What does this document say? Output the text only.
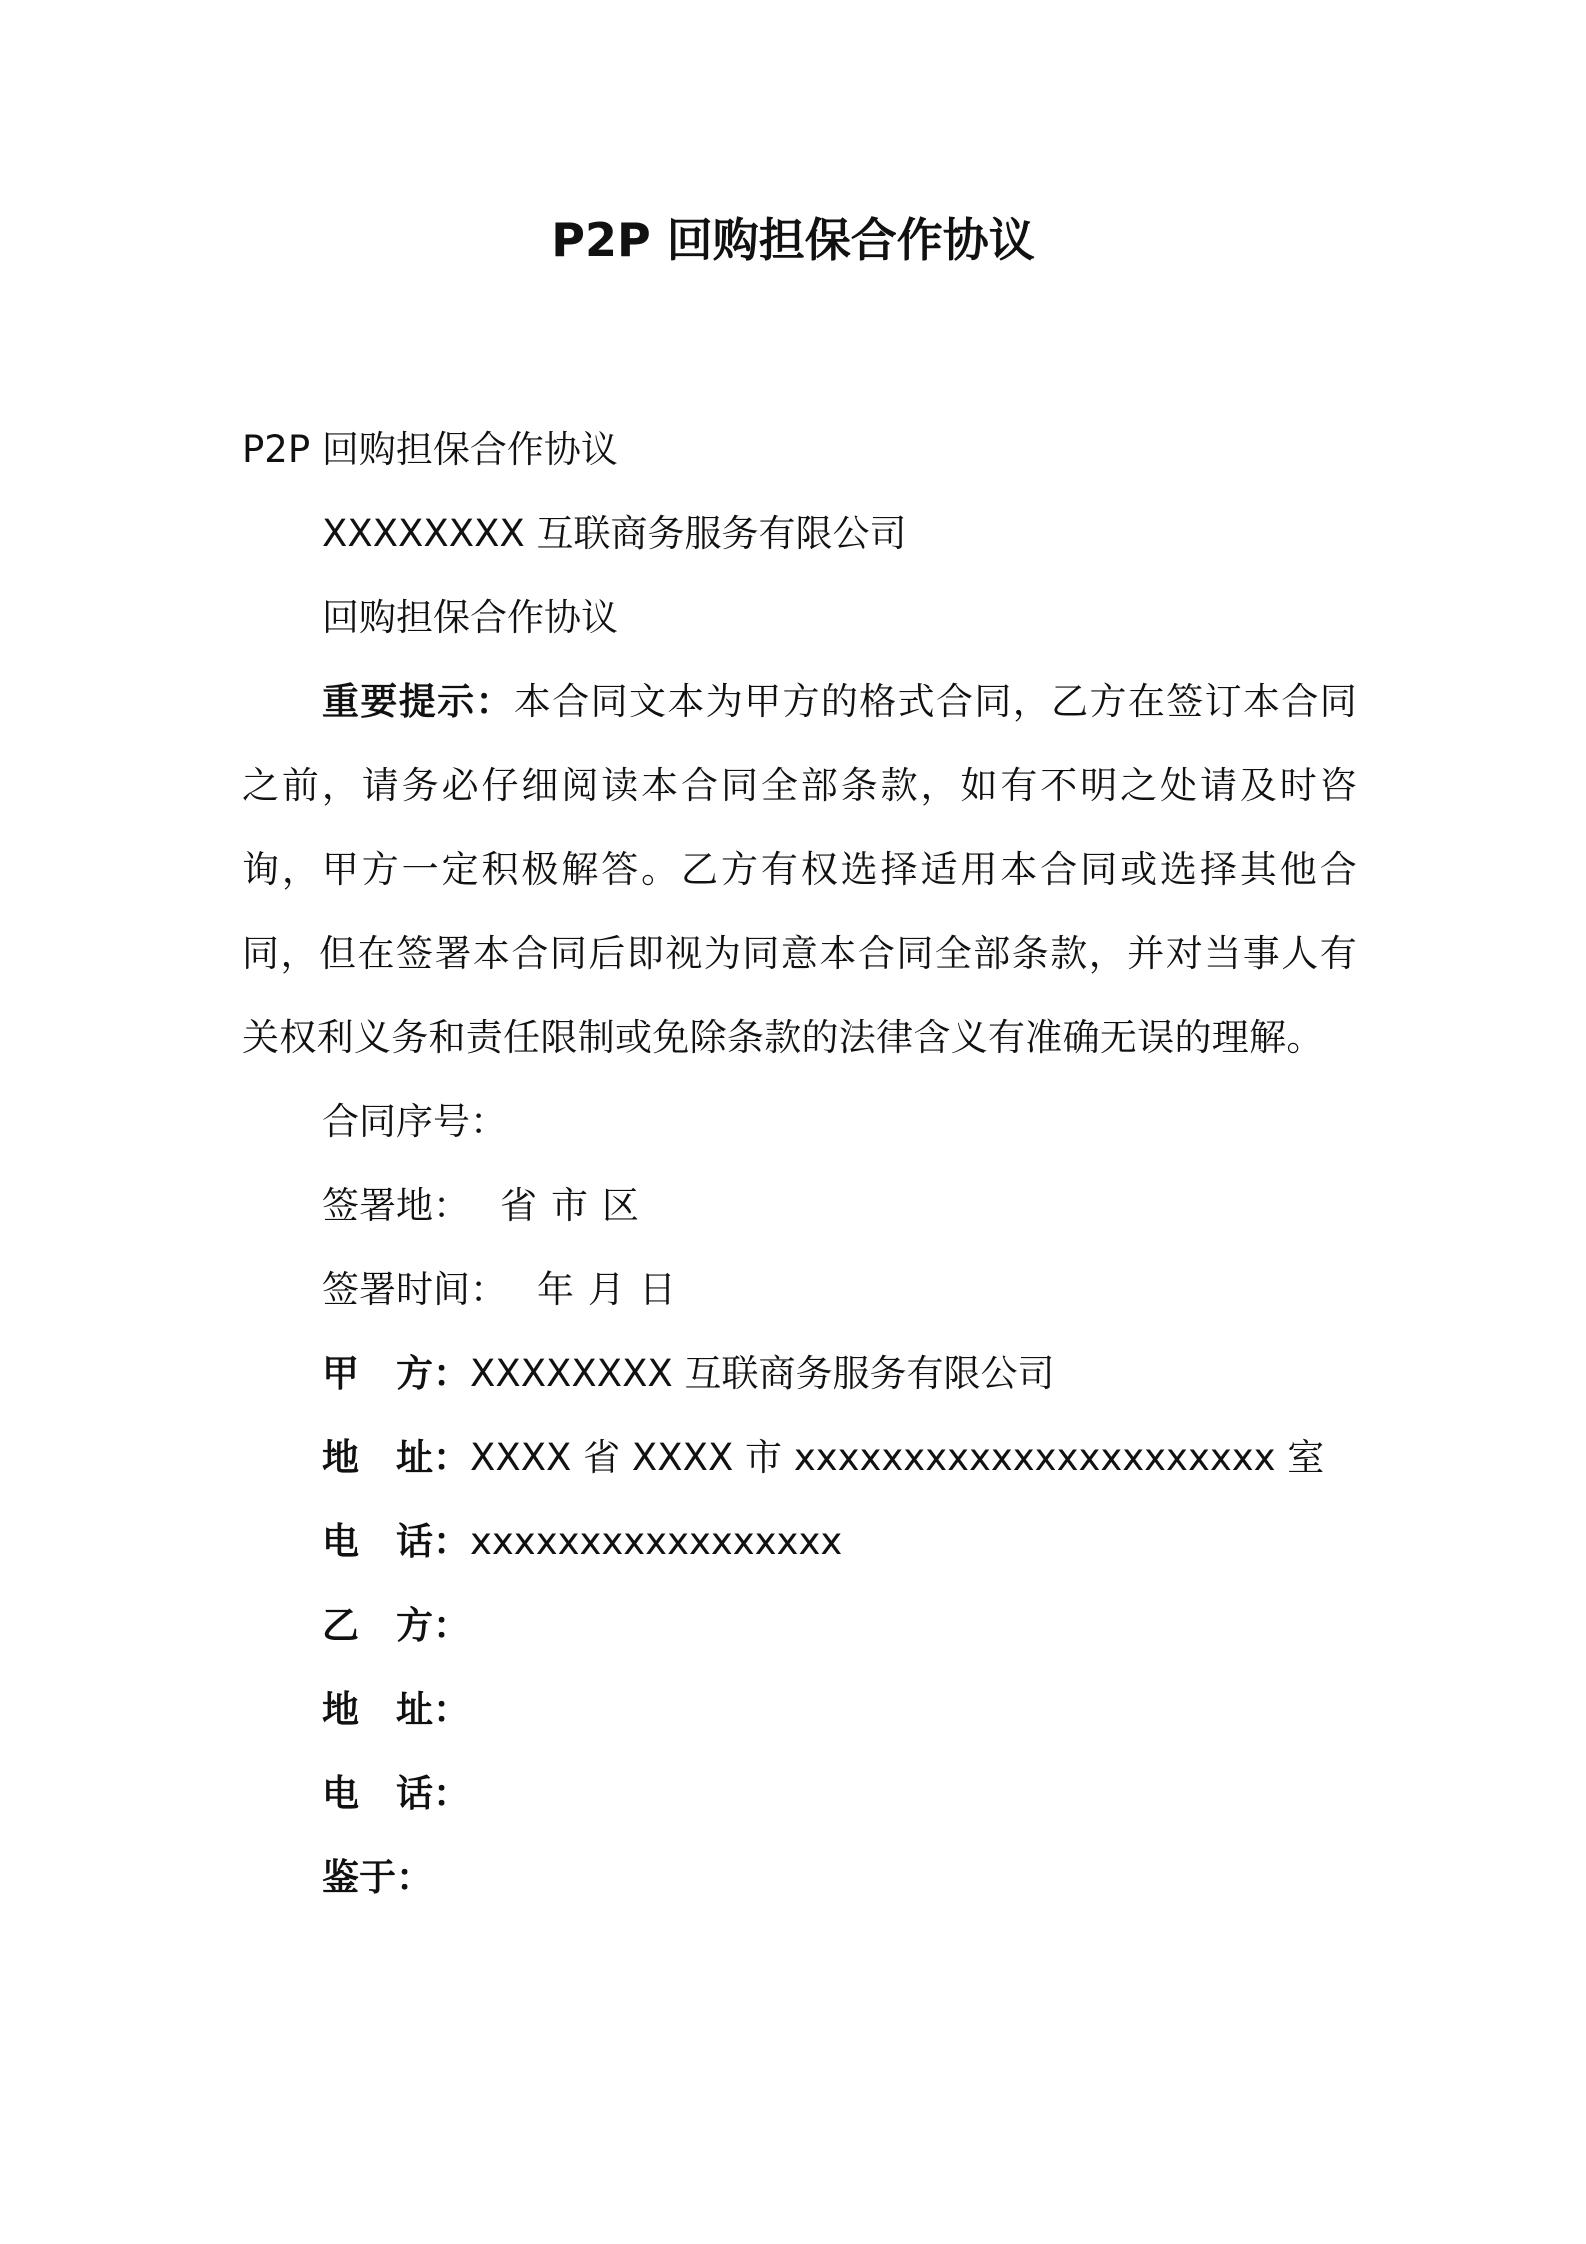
P2P 回购担保合作协议

P2P 回购担保合作协议

XXXXXXXX 互联商务服务有限公司

回购担保合作协议

重要提示：本合同文本为甲方的格式合同，乙方在签订本合同之前，请务必仔细阅读本合同全部条款，如有不明之处请及时咨询，甲方一定积极解答。乙方有权选择适用本合同或选择其他合同，但在签署本合同后即视为同意本合同全部条款，并对当事人有关权利义务和责任限制或免除条款的法律含义有准确无误的理解。

合同序号：

签署地： 省 市 区

签署时间： 年 月 日

甲　方：XXXXXXXX 互联商务服务有限公司

地　址：XXXX 省 XXXX 市 xxxxxxxxxxxxxxxxxxxxxx 室

电　话：xxxxxxxxxxxxxxxxx

乙　方：

地　址：

电　话：

鉴于：
